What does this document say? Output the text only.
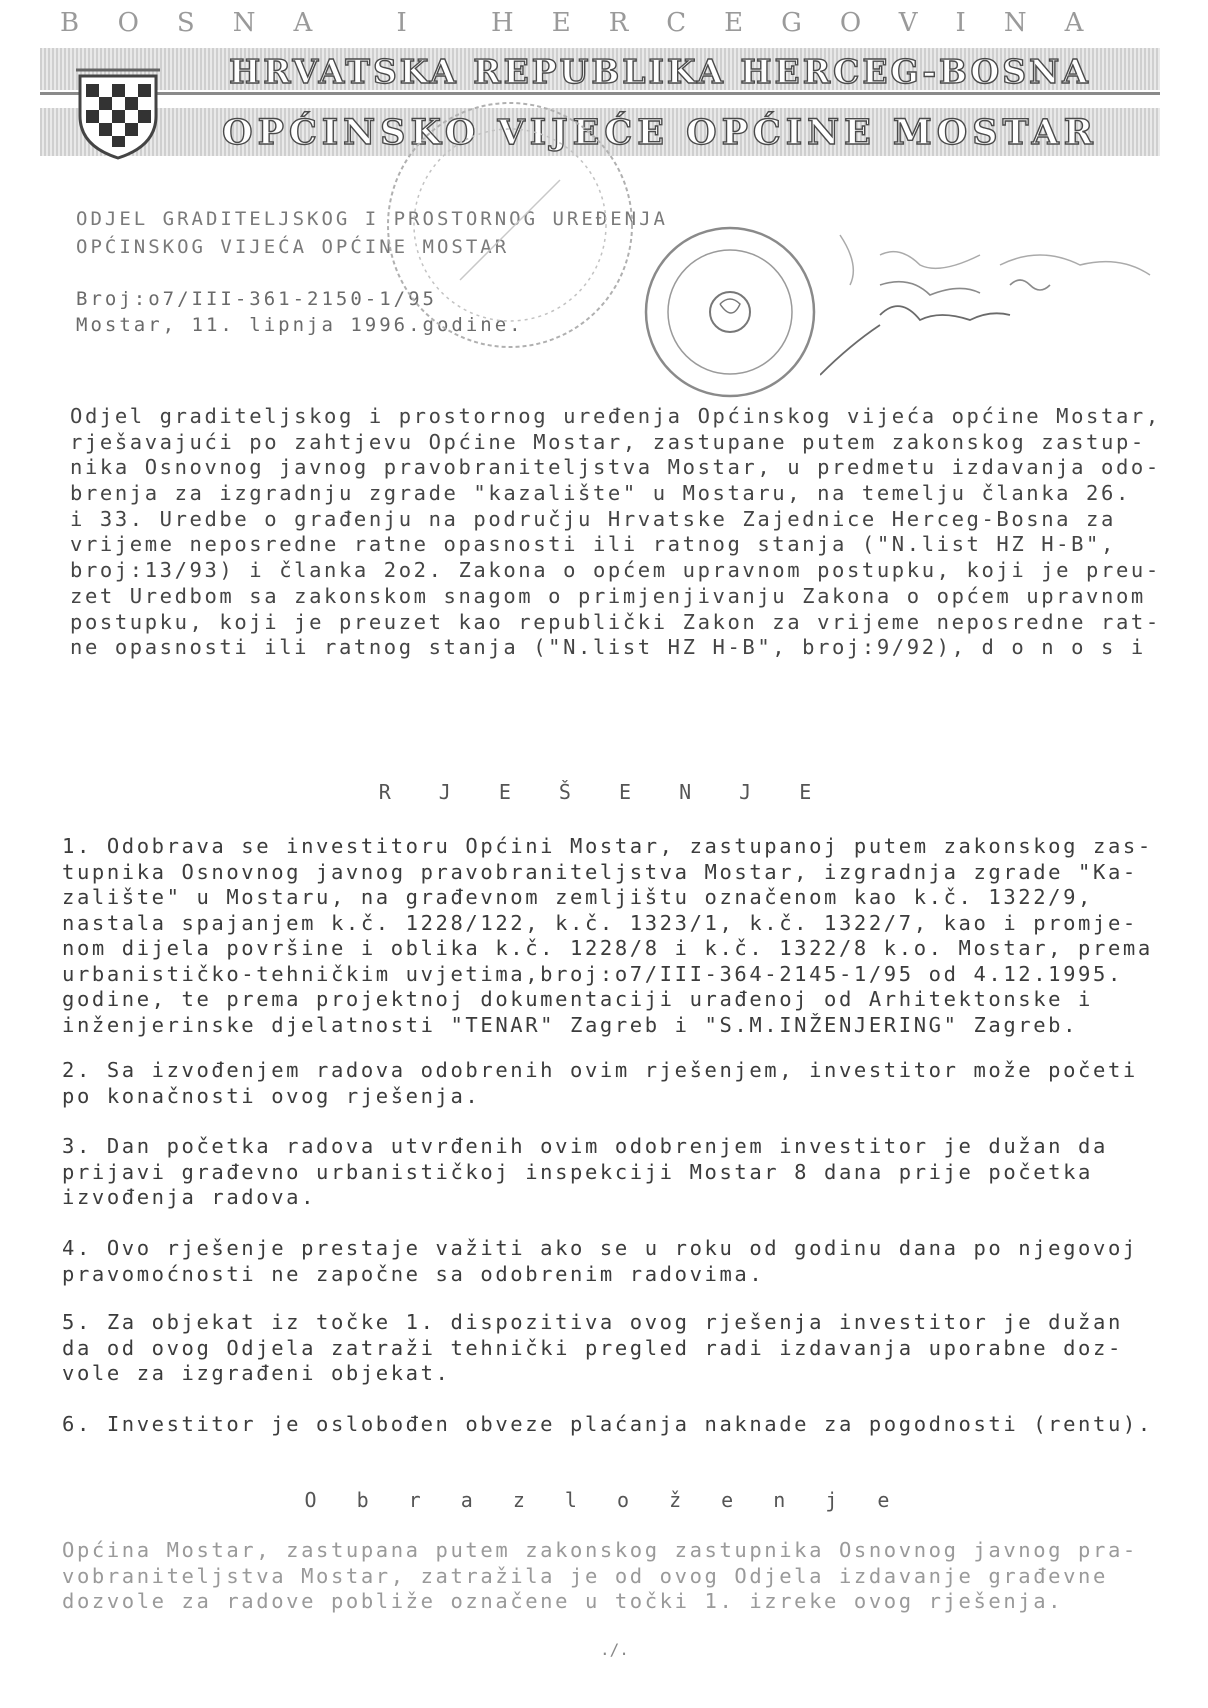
BOSNA I HERCEGOVINA
HRVATSKA REPUBLIKA HERCEG-BOSNA
OPĆINSKO VIJEĆE OPĆINE MOSTAR
ODJEL GRADITELJSKOG I PROSTORNOG UREĐENJA
OPĆINSKOG VIJEĆA OPĆINE MOSTAR
Broj:o7/III-361-2150-1/95
Mostar, 11. lipnja 1996.godine.
Odjel graditeljskog i prostornog uređenja Općinskog vijeća općine Mostar,
rješavajući po zahtjevu Općine Mostar, zastupane putem zakonskog zastup-
nika Osnovnog javnog pravobraniteljstva Mostar, u predmetu izdavanja odo-
brenja za izgradnju zgrade "kazalište" u Mostaru, na temelju članka 26.
i 33. Uredbe o građenju na području Hrvatske Zajednice Herceg-Bosna za
vrijeme neposredne ratne opasnosti ili ratnog stanja ("N.list HZ H-B",
broj:13/93) i članka 2o2. Zakona o općem upravnom postupku, koji je preu-
zet Uredbom sa zakonskom snagom o primjenjivanju Zakona o općem upravnom
postupku, koji je preuzet kao republički Zakon za vrijeme neposredne rat-
ne opasnosti ili ratnog stanja ("N.list HZ H-B", broj:9/92), d o n o s i
R J E Š E N J E
1. Odobrava se investitoru Općini Mostar, zastupanoj putem zakonskog zas-
tupnika Osnovnog javnog pravobraniteljstva Mostar, izgradnja zgrade "Ka-
zalište" u Mostaru, na građevnom zemljištu označenom kao k.č. 1322/9,
nastala spajanjem k.č. 1228/122, k.č. 1323/1, k.č. 1322/7, kao i promje-
nom dijela površine i oblika k.č. 1228/8 i k.č. 1322/8 k.o. Mostar, prema
urbanističko-tehničkim uvjetima,broj:o7/III-364-2145-1/95 od 4.12.1995.
godine, te prema projektnoj dokumentaciji urađenoj od Arhitektonske i
inženjerinske djelatnosti "TENAR" Zagreb i "S.M.INŽENJERING" Zagreb.
2. Sa izvođenjem radova odobrenih ovim rješenjem, investitor može početi
po konačnosti ovog rješenja.
3. Dan početka radova utvrđenih ovim odobrenjem investitor je dužan da
prijavi građevno urbanističkoj inspekciji Mostar 8 dana prije početka
izvođenja radova.
4. Ovo rješenje prestaje važiti ako se u roku od godinu dana po njegovoj
pravomoćnosti ne započne sa odobrenim radovima.
5. Za objekat iz točke 1. dispozitiva ovog rješenja investitor je dužan
da od ovog Odjela zatraži tehnički pregled radi izdavanja uporabne doz-
vole za izgrađeni objekat.
6. Investitor je oslobođen obveze plaćanja naknade za pogodnosti (rentu).
O b r a z l o ž e n j e
Općina Mostar, zastupana putem zakonskog zastupnika Osnovnog javnog pra-
vobraniteljstva Mostar, zatražila je od ovog Odjela izdavanje građevne
dozvole za radove pobliže označene u točki 1. izreke ovog rješenja.
./.
